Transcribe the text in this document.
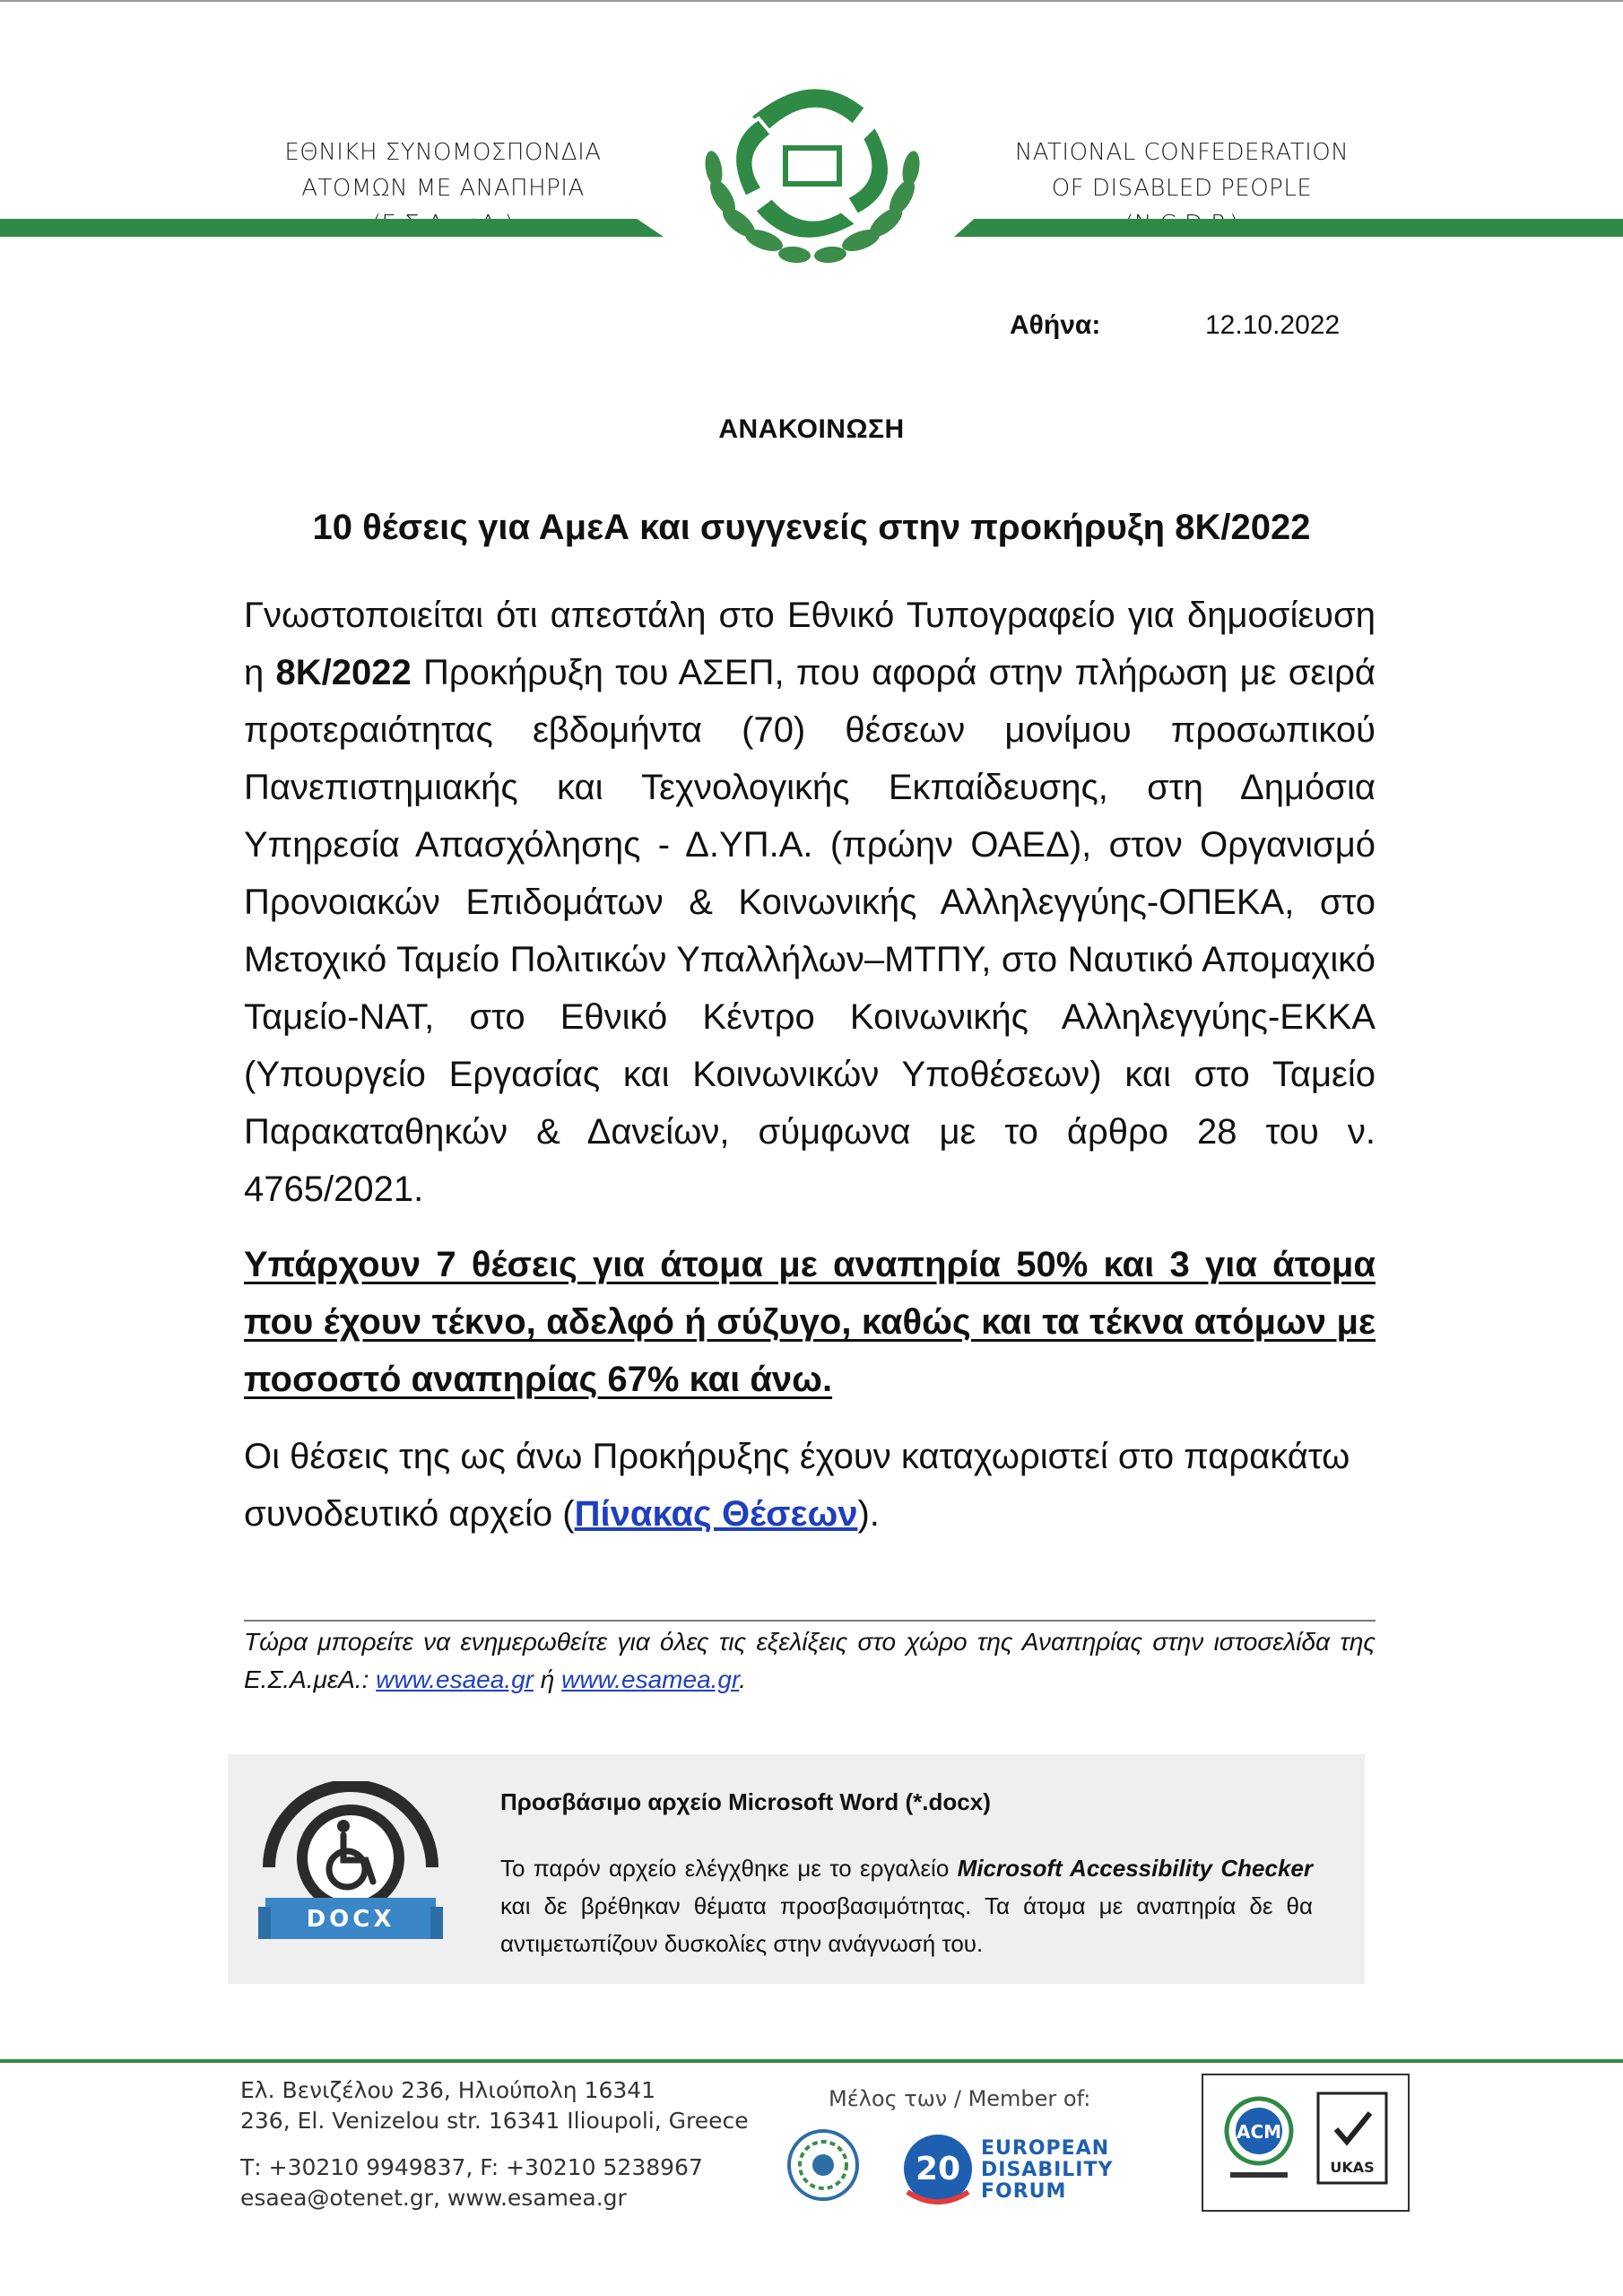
ΕΘΝΙΚΗ ΣΥΝΟΜΟΣΠΟΝΔΙΑ
ΑΤΟΜΩΝ ΜΕ ΑΝΑΠΗΡΙΑ
NATIONAL CONFEDERATION
OF DISABLED PEOPLE
Αθήνα:	12.10.2022
ΑΝΑΚΟΙΝΩΣΗ
10 θέσεις για ΑμεΑ και συγγενείς στην προκήρυξη 8Κ/2022
Γνωστοποιείται ότι απεστάλη στο Εθνικό Τυπογραφείο για δημοσίευση η 8Κ/2022 Προκήρυξη του ΑΣΕΠ, που αφορά στην πλήρωση με σειρά προτεραιότητας εβδομήντα (70) θέσεων μονίμου προσωπικού Πανεπιστημιακής και Τεχνολογικής Εκπαίδευσης, στη Δημόσια Υπηρεσία Απασχόλησης - Δ.ΥΠ.Α. (πρώην ΟΑΕΔ), στον Οργανισμό Προνοιακών Επιδομάτων & Κοινωνικής Αλληλεγγύης-ΟΠΕΚΑ, στο Μετοχικό Ταμείο Πολιτικών Υπαλλήλων–ΜΤΠΥ, στο Ναυτικό Απομαχικό Ταμείο-ΝΑΤ, στο Εθνικό Κέντρο Κοινωνικής Αλληλεγγύης-ΕΚΚΑ (Υπουργείο Εργασίας και Κοινωνικών Υποθέσεων) και στο Ταμείο Παρακαταθηκών & Δανείων, σύμφωνα με το άρθρο 28 του ν. 4765/2021.
Υπάρχουν 7 θέσεις για άτομα με αναπηρία 50% και 3 για άτομα που έχουν τέκνο, αδελφό ή σύζυγο, καθώς και τα τέκνα ατόμων με ποσοστό αναπηρίας 67% και άνω.
Οι θέσεις της ως άνω Προκήρυξης έχουν καταχωριστεί στο παρακάτω συνοδευτικό αρχείο (Πίνακας Θέσεων).
Τώρα μπορείτε να ενημερωθείτε για όλες τις εξελίξεις στο χώρο της Αναπηρίας στην ιστοσελίδα της Ε.Σ.Α.μεΑ.: www.esaea.gr ή www.esamea.gr.
DOCX
Προσβάσιμο αρχείο Microsoft Word (*.docx)
Το παρόν αρχείο ελέγχθηκε με το εργαλείο Microsoft Accessibility Checker και δε βρέθηκαν θέματα προσβασιμότητας. Τα άτομα με αναπηρία δε θα αντιμετωπίζουν δυσκολίες στην ανάγνωσή του.
Ελ. Βενιζέλου 236, Ηλιούπολη 16341
236, El. Venizelou str. 16341 Ilioupoli, Greece
Τ: +30210 9949837, F: +30210 5238967
esaea@otenet.gr, www.esamea.gr
Μέλος των / Member of:
20
EUROPEAN
DISABILITY
FORUM
ACM
UKAS
